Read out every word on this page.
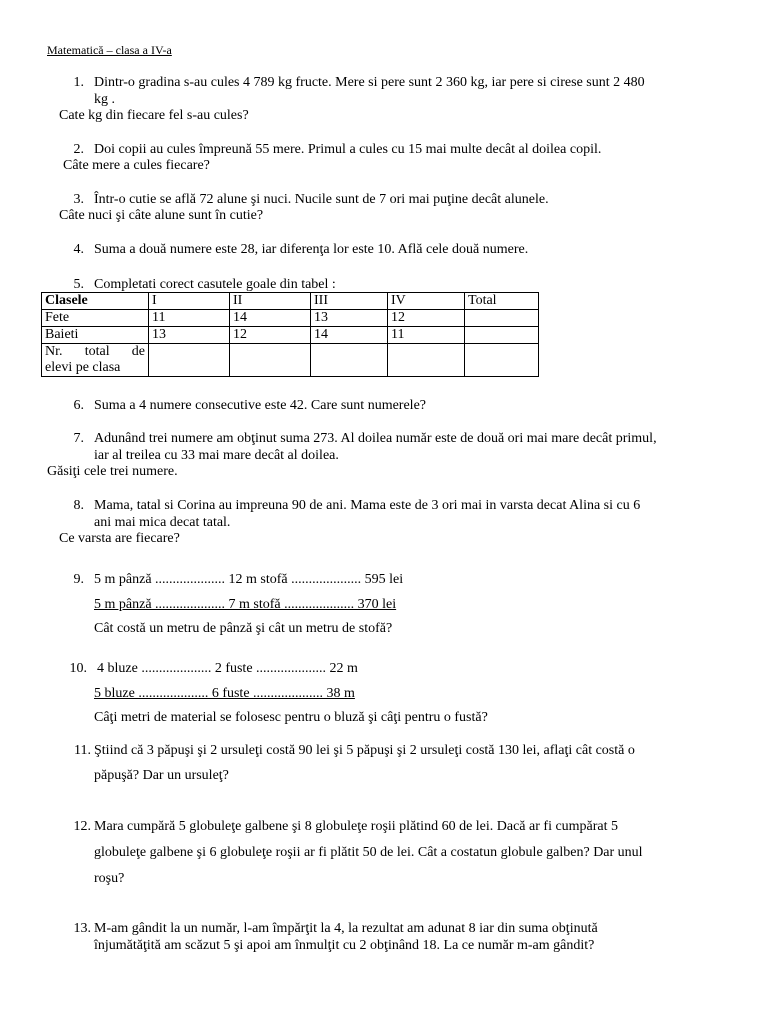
Matematică – clasa a IV-a
1. Dintr-o gradina s-au cules 4 789 kg fructe. Mere si pere sunt 2 360 kg, iar pere si cirese sunt 2 480
kg .
Cate kg din fiecare fel s-au cules?
2. Doi copii au cules împreună 55 mere. Primul a cules cu 15 mai multe decât al doilea copil.
Câte mere a cules fiecare?
3. Într-o cutie se află 72 alune şi nuci. Nucile sunt de 7 ori mai puţine decât alunele.
Câte nuci şi câte alune sunt în cutie?
4. Suma a două numere este 28, iar diferenţa lor este 10. Află cele două numere.
5. Completati corect casutele goale din tabel :
Clasele	I	II	III	IV	Total
Fete	11	14	13	12	
Baieti	13	12	14	11	

Nr. total de
elevi pe clasa					

6. Suma a 4 numere consecutive este 42. Care sunt numerele?
7. Adunând trei numere am obţinut suma 273. Al doilea număr este de două ori mai mare decât primul,
iar al treilea cu 33 mai mare decât al doilea.
Găsiţi cele trei numere.
8. Mama, tatal si Corina au impreuna 90 de ani. Mama este de 3 ori mai in varsta decat Alina si cu 6
ani mai mica decat tatal.
Ce varsta are fiecare?
9. 5 m pânză .................... 12 m stofă .................... 595 lei
5 m pânză .................... 7 m stofă .................... 370 lei
Cât costă un metru de pânză şi cât un metru de stofă?
10. 4 bluze .................... 2 fuste .................... 22 m
5 bluze .................... 6 fuste .................... 38 m
Câţi metri de material se folosesc pentru o bluză şi câţi pentru o fustă?
11. Ştiind că 3 păpuşi şi 2 ursuleţi costă 90 lei şi 5 păpuşi şi 2 ursuleţi costă 130 lei, aflaţi cât costă o
păpuşă? Dar un ursuleţ?
12. Mara cumpără 5 globuleţe galbene şi 8 globuleţe roşii plătind 60 de lei. Dacă ar fi cumpărat 5
globuleţe galbene şi 6 globuleţe roşii ar fi plătit 50 de lei. Cât a costatun globule galben? Dar unul
roşu?
13. M-am gândit la un număr, l-am împărţit la 4, la rezultat am adunat 8 iar din suma obţinută
înjumătăţită am scăzut 5 şi apoi am înmulţit cu 2 obţinând 18. La ce număr m-am gândit?
